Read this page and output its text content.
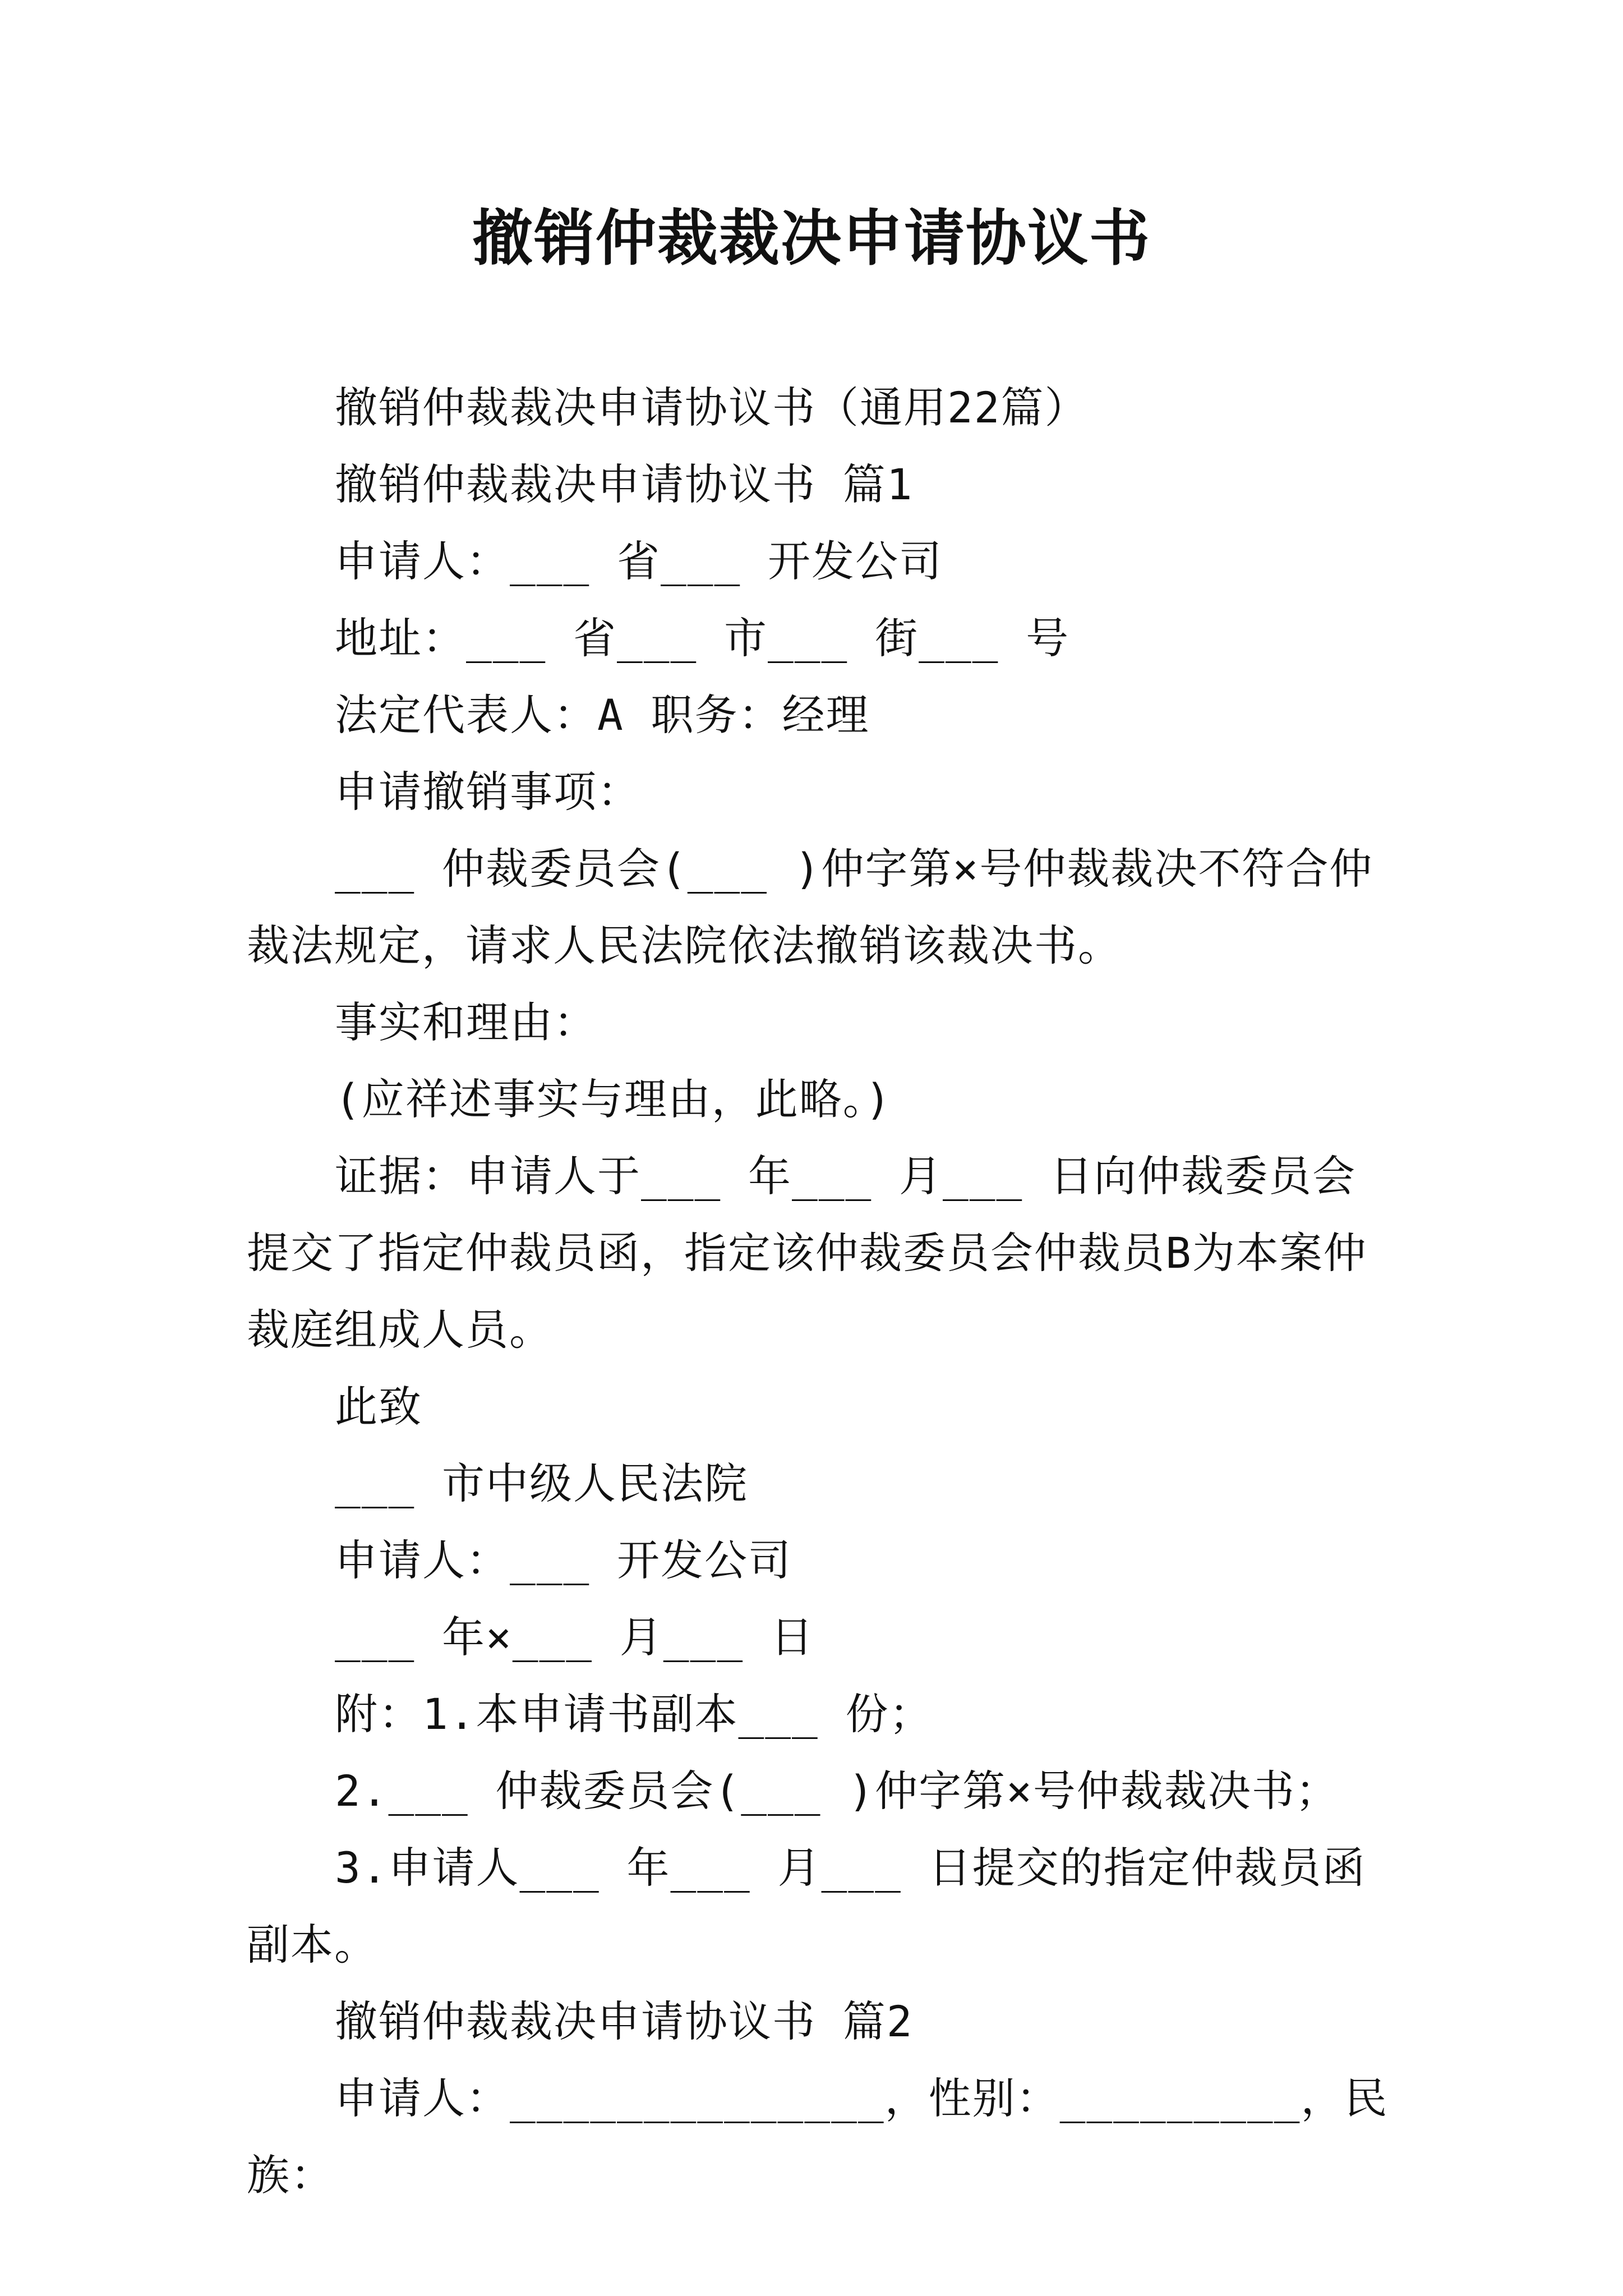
撤销仲裁裁决申请协议书

撤销仲裁裁决申请协议书（通用22篇）

撤销仲裁裁决申请协议书 篇1

申请人：___ 省___ 开发公司

地址：___ 省___ 市___ 街___ 号

法定代表人：A 职务：经理

申请撤销事项：

___ 仲裁委员会(___ )仲字第×号仲裁裁决不符合仲裁法规定，请求人民法院依法撤销该裁决书。

事实和理由：

(应祥述事实与理由，此略。)

证据：申请人于___ 年___ 月___ 日向仲裁委员会提交了指定仲裁员函，指定该仲裁委员会仲裁员B为本案仲裁庭组成人员。

此致

___ 市中级人民法院

申请人：___ 开发公司

___ 年×___ 月___ 日

附：1.本申请书副本___ 份；

2.___ 仲裁委员会(___ )仲字第×号仲裁裁决书；

3.申请人___ 年___ 月___ 日提交的指定仲裁员函副本。

撤销仲裁裁决申请协议书 篇2

申请人：______________，性别：_________，民族：
